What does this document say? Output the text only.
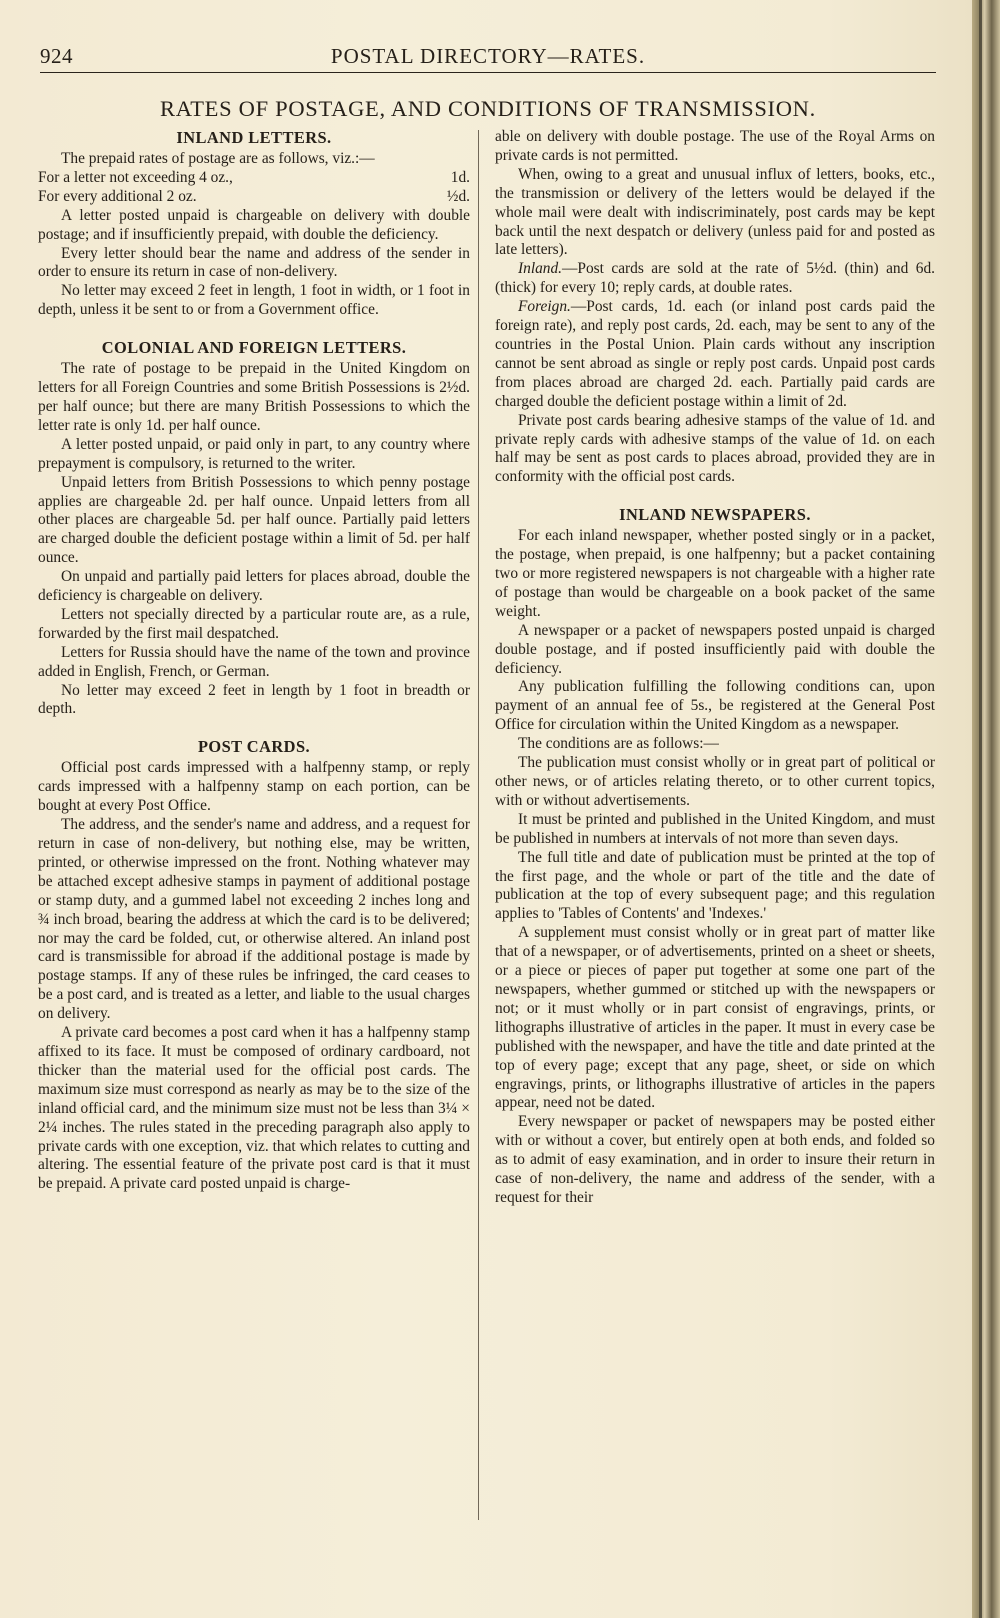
924	POSTAL DIRECTORY—RATES.
RATES OF POSTAGE, AND CONDITIONS OF TRANSMISSION.
INLAND LETTERS.

The prepaid rates of postage are as follows, viz.:—

For a letter not exceeding 4 oz.,	1d.
For every additional 2 oz.	½d.

A letter posted unpaid is chargeable on delivery with double postage; and if insufficiently prepaid, with double the deficiency.

Every letter should bear the name and address of the sender in order to ensure its return in case of non-delivery.

No letter may exceed 2 feet in length, 1 foot in width, or 1 foot in depth, unless it be sent to or from a Government office.

COLONIAL AND FOREIGN LETTERS.

The rate of postage to be prepaid in the United Kingdom on letters for all Foreign Countries and some British Possessions is 2½d. per half ounce; but there are many British Possessions to which the letter rate is only 1d. per half ounce.

A letter posted unpaid, or paid only in part, to any country where prepayment is compulsory, is returned to the writer.

Unpaid letters from British Possessions to which penny postage applies are chargeable 2d. per half ounce. Unpaid letters from all other places are chargeable 5d. per half ounce. Partially paid letters are charged double the deficient postage within a limit of 5d. per half ounce.

On unpaid and partially paid letters for places abroad, double the deficiency is chargeable on delivery.

Letters not specially directed by a particular route are, as a rule, forwarded by the first mail despatched.

Letters for Russia should have the name of the town and province added in English, French, or German.

No letter may exceed 2 feet in length by 1 foot in breadth or depth.

POST CARDS.

Official post cards impressed with a halfpenny stamp, or reply cards impressed with a halfpenny stamp on each portion, can be bought at every Post Office.

The address, and the sender's name and address, and a request for return in case of non-delivery, but nothing else, may be written, printed, or otherwise impressed on the front. Nothing whatever may be attached except adhesive stamps in payment of additional postage or stamp duty, and a gummed label not exceeding 2 inches long and ¾ inch broad, bearing the address at which the card is to be delivered; nor may the card be folded, cut, or otherwise altered. An inland post card is transmissible for abroad if the additional postage is made by postage stamps. If any of these rules be infringed, the card ceases to be a post card, and is treated as a letter, and liable to the usual charges on delivery.

A private card becomes a post card when it has a halfpenny stamp affixed to its face. It must be composed of ordinary cardboard, not thicker than the material used for the official post cards. The maximum size must correspond as nearly as may be to the size of the inland official card, and the minimum size must not be less than 3¼ × 2¼ inches. The rules stated in the preceding paragraph also apply to private cards with one exception, viz. that which relates to cutting and altering. The essential feature of the private post card is that it must be prepaid. A private card posted unpaid is charge-

able on delivery with double postage. The use of the Royal Arms on private cards is not permitted.

When, owing to a great and unusual influx of letters, books, etc., the transmission or delivery of the letters would be delayed if the whole mail were dealt with indiscriminately, post cards may be kept back until the next despatch or delivery (unless paid for and posted as late letters).

Inland.—Post cards are sold at the rate of 5½d. (thin) and 6d. (thick) for every 10; reply cards, at double rates.

Foreign.—Post cards, 1d. each (or inland post cards paid the foreign rate), and reply post cards, 2d. each, may be sent to any of the countries in the Postal Union. Plain cards without any inscription cannot be sent abroad as single or reply post cards. Unpaid post cards from places abroad are charged 2d. each. Partially paid cards are charged double the deficient postage within a limit of 2d.

Private post cards bearing adhesive stamps of the value of 1d. and private reply cards with adhesive stamps of the value of 1d. on each half may be sent as post cards to places abroad, provided they are in conformity with the official post cards.

INLAND NEWSPAPERS.

For each inland newspaper, whether posted singly or in a packet, the postage, when prepaid, is one halfpenny; but a packet containing two or more registered newspapers is not chargeable with a higher rate of postage than would be chargeable on a book packet of the same weight.

A newspaper or a packet of newspapers posted unpaid is charged double postage, and if posted insufficiently paid with double the deficiency.

Any publication fulfilling the following conditions can, upon payment of an annual fee of 5s., be registered at the General Post Office for circulation within the United Kingdom as a newspaper.

The conditions are as follows:—

The publication must consist wholly or in great part of political or other news, or of articles relating thereto, or to other current topics, with or without advertisements.

It must be printed and published in the United Kingdom, and must be published in numbers at intervals of not more than seven days.

The full title and date of publication must be printed at the top of the first page, and the whole or part of the title and the date of publication at the top of every subsequent page; and this regulation applies to 'Tables of Contents' and 'Indexes.'

A supplement must consist wholly or in great part of matter like that of a newspaper, or of advertisements, printed on a sheet or sheets, or a piece or pieces of paper put together at some one part of the newspapers, whether gummed or stitched up with the newspapers or not; or it must wholly or in part consist of engravings, prints, or lithographs illustrative of articles in the paper. It must in every case be published with the newspaper, and have the title and date printed at the top of every page; except that any page, sheet, or side on which engravings, prints, or lithographs illustrative of articles in the papers appear, need not be dated.

Every newspaper or packet of newspapers may be posted either with or without a cover, but entirely open at both ends, and folded so as to admit of easy examination, and in order to insure their return in case of non-delivery, the name and address of the sender, with a request for their
